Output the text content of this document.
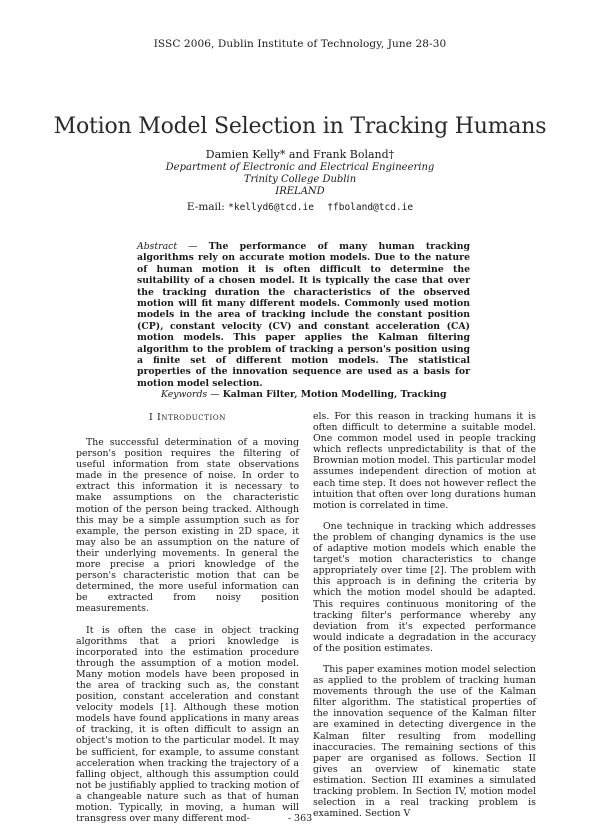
ISSC 2006, Dublin Institute of Technology, June 28-30
Motion Model Selection in Tracking Humans
Damien Kelly* and Frank Boland†
Department of Electronic and Electrical Engineering
Trinity College Dublin
IRELAND
E-mail: *kellyd6@tcd.ie †fboland@tcd.ie
Abstract — The performance of many human tracking algorithms rely on accurate motion models. Due to the nature of human motion it is often difficult to determine the suitability of a chosen model. It is typically the case that over the tracking duration the characteristics of the observed motion will fit many different models. Commonly used motion models in the area of tracking include the constant position (CP), constant velocity (CV) and constant acceleration (CA) motion models. This paper applies the Kalman filtering algorithm to the problem of tracking a person's position using a finite set of different motion models. The statistical properties of the innovation sequence are used as a basis for motion model selection.
Keywords — Kalman Filter, Motion Modelling, Tracking
I Introduction

The successful determination of a moving person's position requires the filtering of useful information from state observations made in the presence of noise. In order to extract this information it is necessary to make assumptions on the characteristic motion of the person being tracked. Although this may be a simple assumption such as for example, the person existing in 2D space, it may also be an assumption on the nature of their underlying movements. In general the more precise a priori knowledge of the person's characteristic motion that can be determined, the more useful information can be extracted from noisy position measurements.

It is often the case in object tracking algorithms that a priori knowledge is incorporated into the estimation procedure through the assumption of a motion model. Many motion models have been proposed in the area of tracking such as, the constant position, constant acceleration and constant velocity models [1]. Although these motion models have found applications in many areas of tracking, it is often difficult to assign an object's motion to the particular model. It may be sufficient, for example, to assume constant acceleration when tracking the trajectory of a falling object, although this assumption could not be justifiably applied to tracking motion of a changeable nature such as that of human motion. Typically, in moving, a human will transgress over many different mod-

els. For this reason in tracking humans it is often difficult to determine a suitable model. One common model used in people tracking which reflects unpredictability is that of the Brownian motion model. This particular model assumes independent direction of motion at each time step. It does not however reflect the intuition that often over long durations human motion is correlated in time.

One technique in tracking which addresses the problem of changing dynamics is the use of adaptive motion models which enable the target's motion characteristics to change appropriately over time [2]. The problem with this approach is in defining the criteria by which the motion model should be adapted. This requires continuous monitoring of the tracking filter's performance whereby any deviation from it's expected performance would indicate a degradation in the accuracy of the position estimates.

This paper examines motion model selection as applied to the problem of tracking human movements through the use of the Kalman filter algorithm. The statistical properties of the innovation sequence of the Kalman filter are examined in detecting divergence in the Kalman filter resulting from modelling inaccuracies. The remaining sections of this paper are organised as follows. Section II gives an overview of kinematic state estimation. Section III examines a simulated tracking problem. In Section IV, motion model selection in a real tracking problem is examined. Section V

- 363
